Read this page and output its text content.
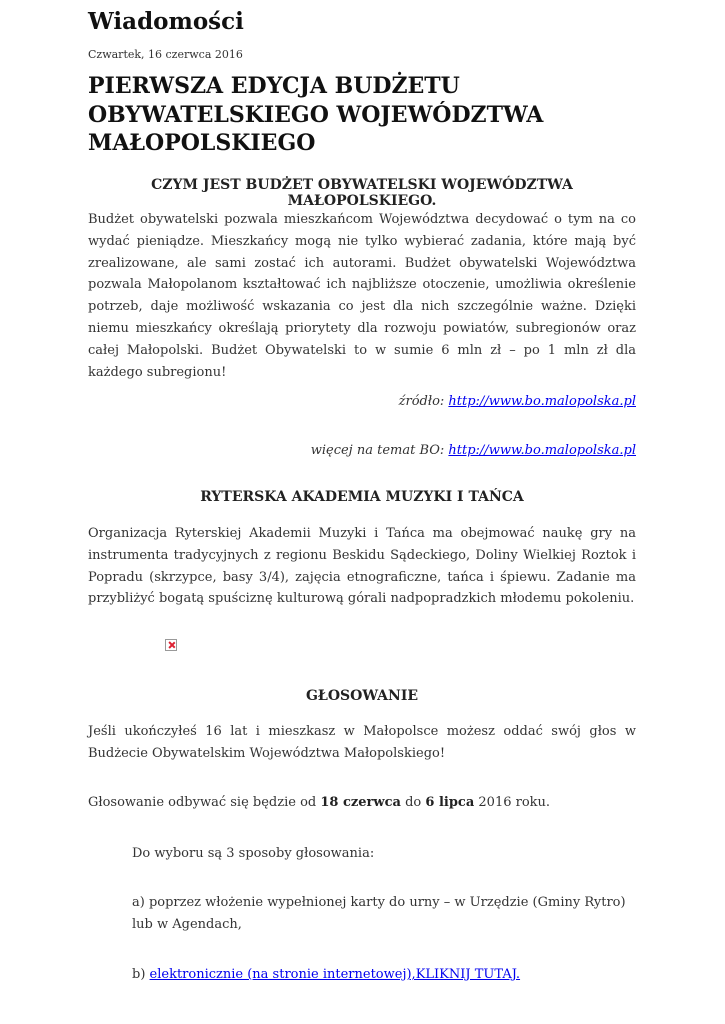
Wiadomości

Czwartek, 16 czerwca 2016

PIERWSZA EDYCJA BUDŻETU OBYWATELSKIEGO WOJEWÓDZTWA MAŁOPOLSKIEGO
CZYM JEST BUDŻET OBYWATELSKI WOJEWÓDZTWA MAŁOPOLSKIEGO.

Budżet obywatelski pozwala mieszkańcom Województwa decydować o tym na co wydać pieniądze. Mieszkańcy mogą nie tylko wybierać zadania, które mają być zrealizowane, ale sami zostać ich autorami. Budżet obywatelski Województwa pozwala Małopolanom kształtować ich najbliższe otoczenie, umożliwia określenie potrzeb, daje możliwość wskazania co jest dla nich szczególnie ważne. Dzięki niemu mieszkańcy określają priorytety dla rozwoju powiatów, subregionów oraz całej Małopolski. Budżet Obywatelski to w sumie 6 mln zł – po 1 mln zł dla każdego subregionu!

źródło: http://www.bo.malopolska.pl

więcej na temat BO: http://www.bo.malopolska.pl

RYTERSKA AKADEMIA MUZYKI I TAŃCA

Organizacja Ryterskiej Akademii Muzyki i Tańca ma obejmować naukę gry na instrumenta tradycyjnych z regionu Beskidu Sądeckiego, Doliny Wielkiej Roztok i Popradu (skrzypce, basy 3/4), zajęcia etnograficzne, tańca i śpiewu. Zadanie ma przybliżyć bogatą spuściznę kulturową górali nadpopradzkich młodemu pokoleniu.

GŁOSOWANIE

Jeśli ukończyłeś 16 lat i mieszkasz w Małopolsce możesz oddać swój głos w Budżecie Obywatelskim Województwa Małopolskiego!

Głosowanie odbywać się będzie od 18 czerwca do 6 lipca 2016 roku.

Do wyboru są 3 sposoby głosowania:

a) poprzez włożenie wypełnionej karty do urny – w Urzędzie (Gminy Rytro) lub w Agendach,

b) elektronicznie (na stronie internetowej),KLIKNIJ TUTAJ.
